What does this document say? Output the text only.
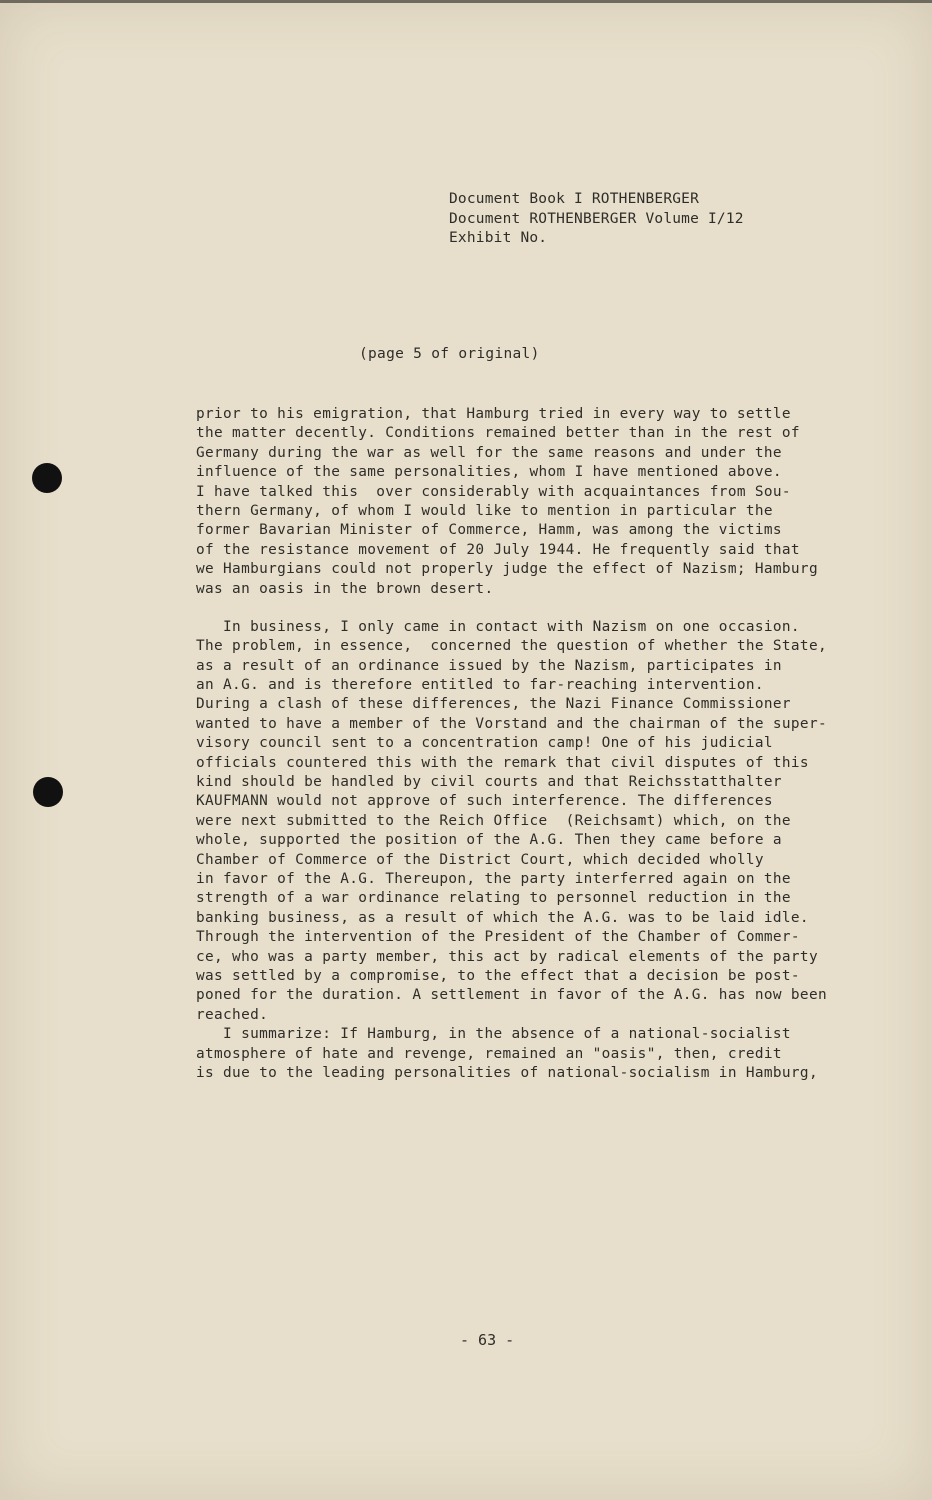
Document Book I ROTHENBERGER
Document ROTHENBERGER Volume I/12
Exhibit No.
(page 5 of original)
prior to his emigration, that Hamburg tried in every way to settle
the matter decently. Conditions remained better than in the rest of
Germany during the war as well for the same reasons and under the
influence of the same personalities, whom I have mentioned above.
I have talked this  over considerably with acquaintances from Sou-
thern Germany, of whom I would like to mention in particular the
former Bavarian Minister of Commerce, Hamm, was among the victims
of the resistance movement of 20 July 1944. He frequently said that
we Hamburgians could not properly judge the effect of Nazism; Hamburg
was an oasis in the brown desert.
In business, I only came in contact with Nazism on one occasion.
The problem, in essence,  concerned the question of whether the State,
as a result of an ordinance issued by the Nazism, participates in
an A.G. and is therefore entitled to far-reaching intervention.
During a clash of these differences, the Nazi Finance Commissioner
wanted to have a member of the Vorstand and the chairman of the super-
visory council sent to a concentration camp! One of his judicial
officials countered this with the remark that civil disputes of this
kind should be handled by civil courts and that Reichsstatthalter
KAUFMANN would not approve of such interference. The differences
were next submitted to the Reich Office  (Reichsamt) which, on the
whole, supported the position of the A.G. Then they came before a
Chamber of Commerce of the District Court, which decided wholly
in favor of the A.G. Thereupon, the party interferred again on the
strength of a war ordinance relating to personnel reduction in the
banking business, as a result of which the A.G. was to be laid idle.
Through the intervention of the President of the Chamber of Commer-
ce, who was a party member, this act by radical elements of the party
was settled by a compromise, to the effect that a decision be post-
poned for the duration. A settlement in favor of the A.G. has now been
reached.
I summarize: If Hamburg, in the absence of a national-socialist
atmosphere of hate and revenge, remained an "oasis", then, credit
is due to the leading personalities of national-socialism in Hamburg,
- 63 -
